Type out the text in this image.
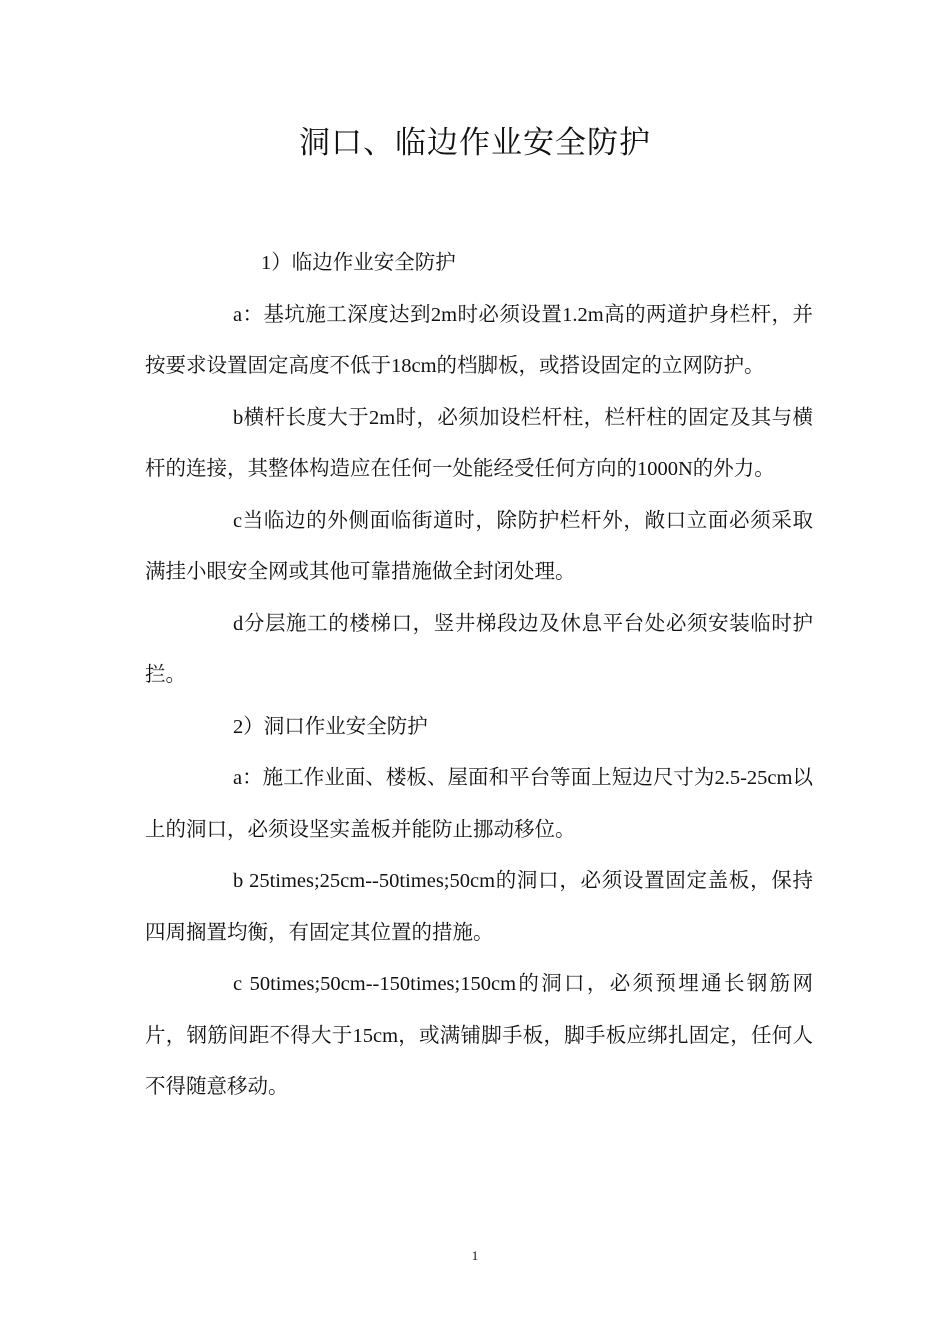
洞口、临边作业安全防护

1）临边作业安全防护

a：基坑施工深度达到2m时必须设置1.2m高的两道护身栏杆，并按要求设置固定高度不低于18cm的档脚板，或搭设固定的立网防护。

b横杆长度大于2m时，必须加设栏杆柱，栏杆柱的固定及其与横杆的连接，其整体构造应在任何一处能经受任何方向的1000N的外力。

c当临边的外侧面临街道时，除防护栏杆外，敞口立面必须采取满挂小眼安全网或其他可靠措施做全封闭处理。

d分层施工的楼梯口，竖井梯段边及休息平台处必须安装临时护拦。

2）洞口作业安全防护

a：施工作业面、楼板、屋面和平台等面上短边尺寸为2.5-25cm以上的洞口，必须设坚实盖板并能防止挪动移位。

b 25times;25cm--50times;50cm的洞口，必须设置固定盖板，保持四周搁置均衡，有固定其位置的措施。

c 50times;50cm--150times;150cm的洞口，必须预埋通长钢筋网片，钢筋间距不得大于15cm，或满铺脚手板，脚手板应绑扎固定，任何人不得随意移动。

1
